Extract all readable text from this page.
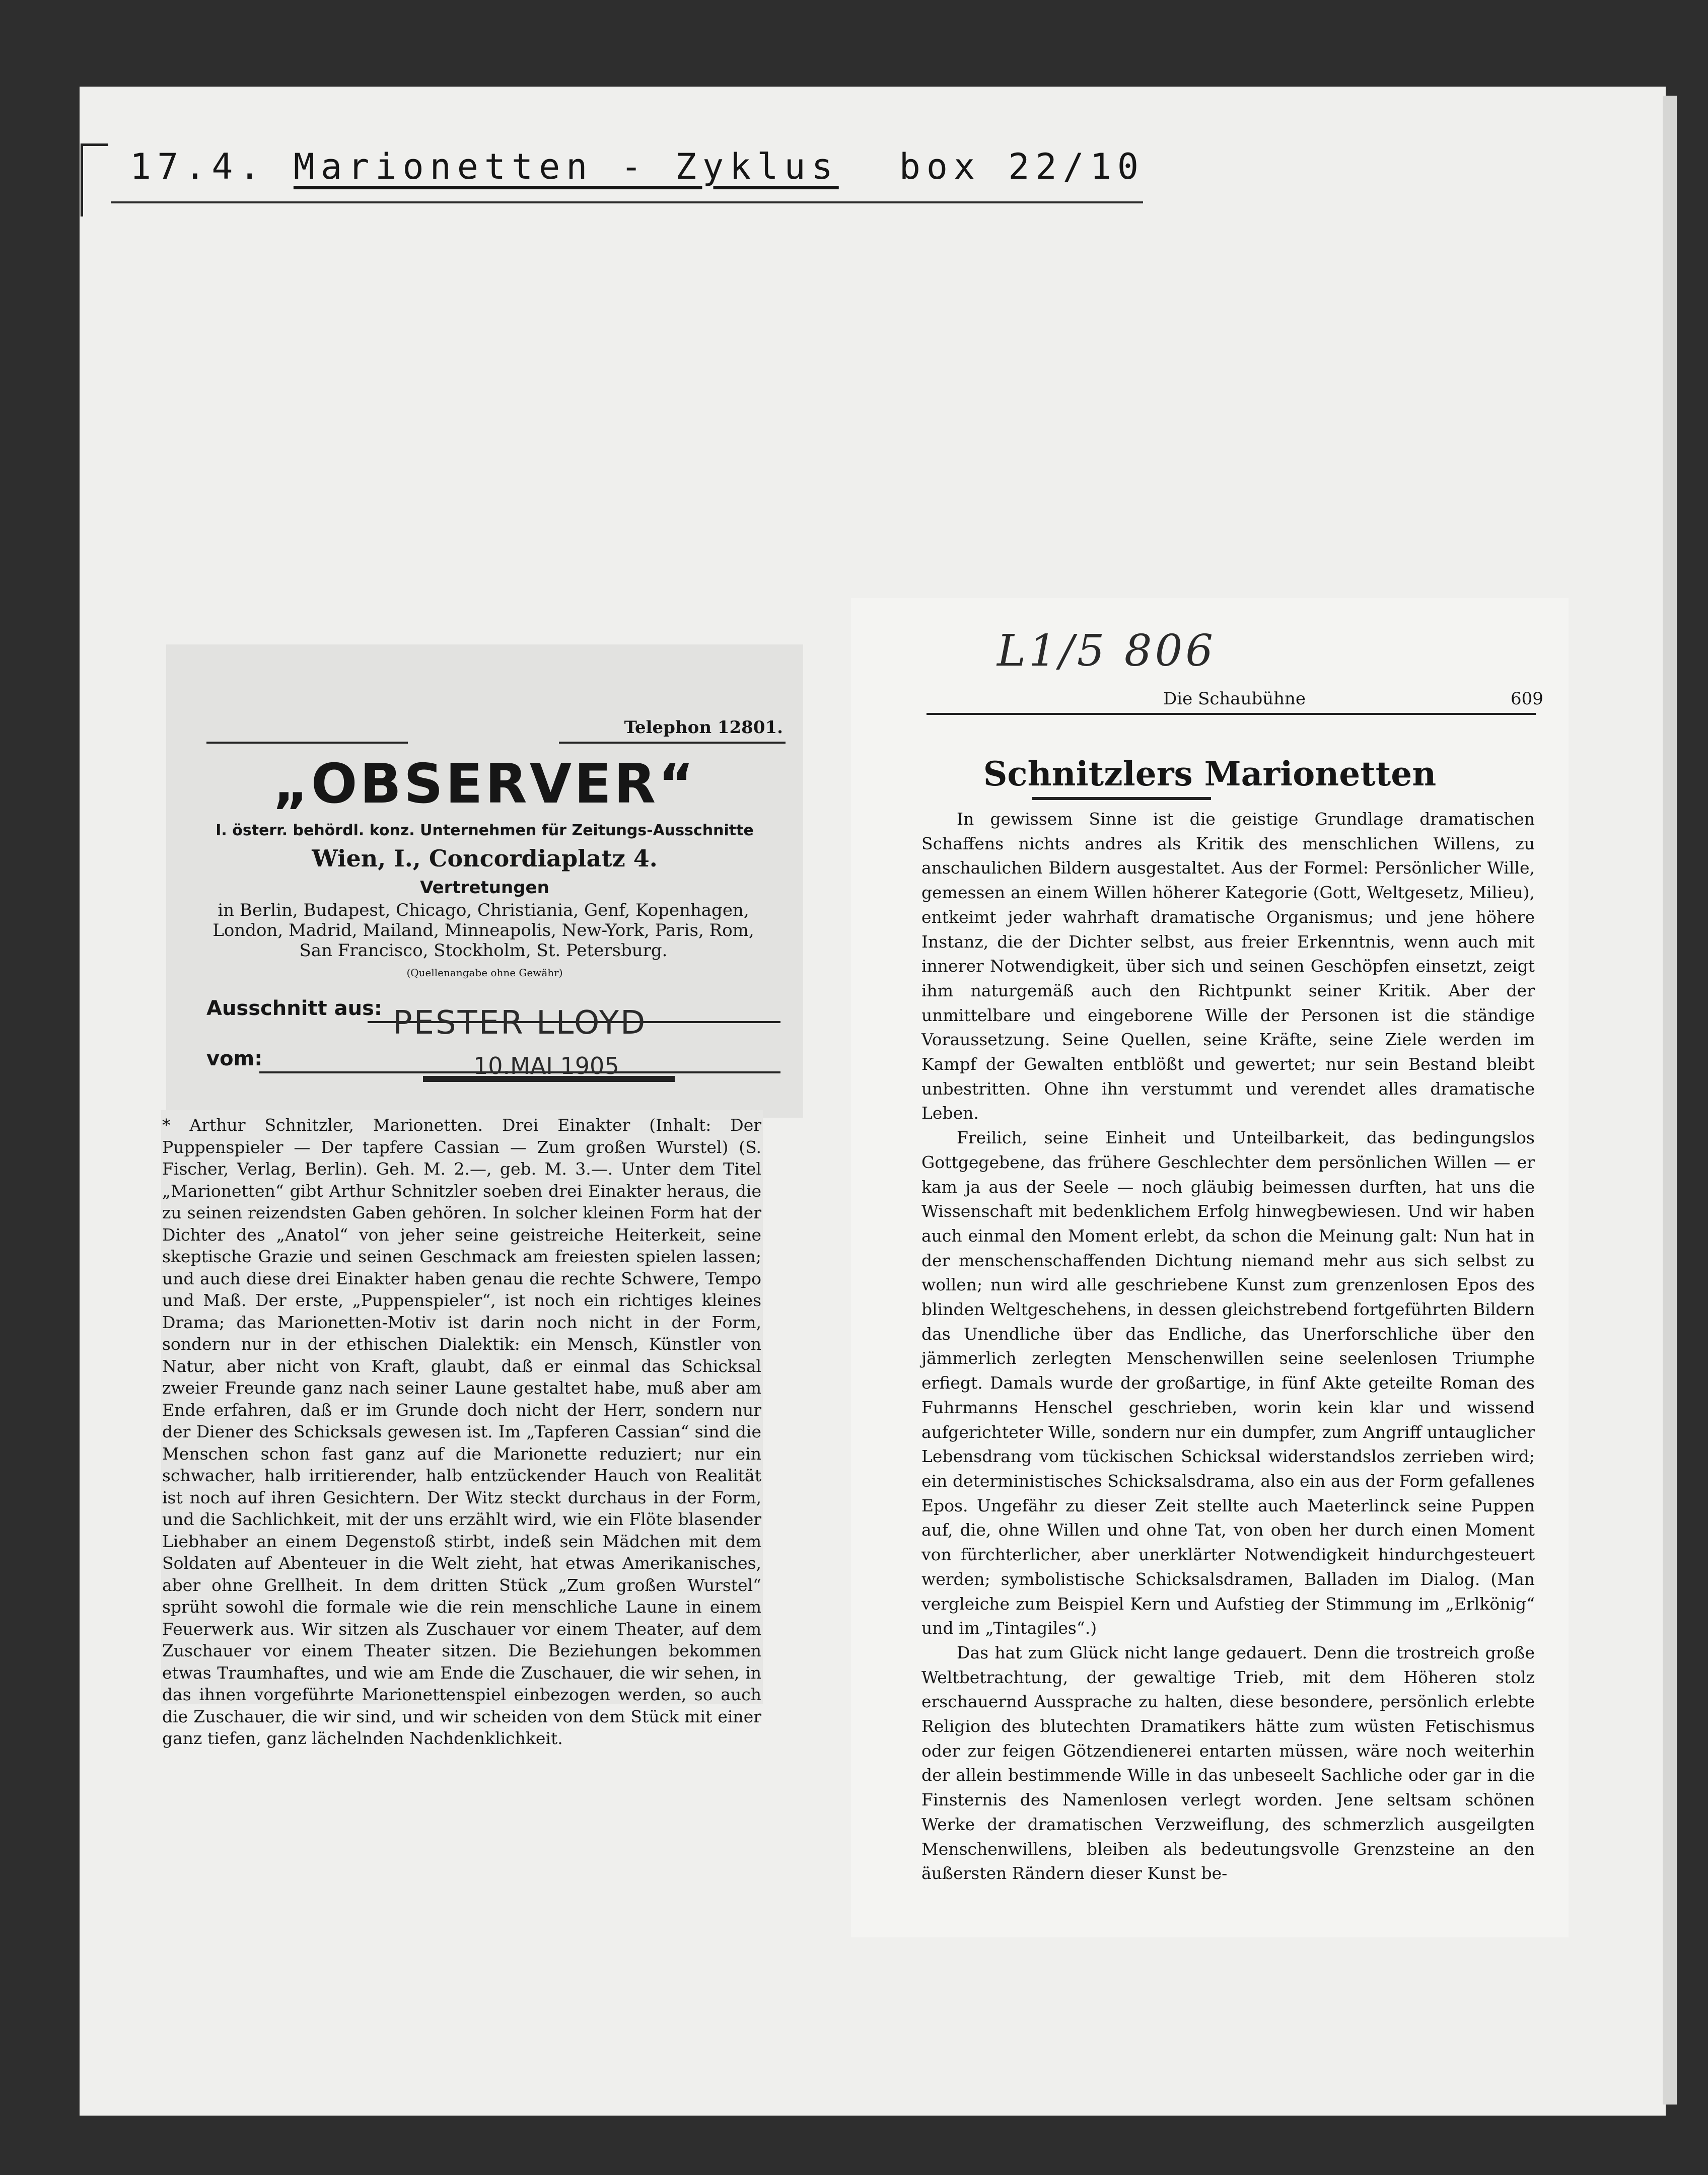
17.4. Marionetten - Zyklus box 22/10
Telephon 12801.
„OBSERVER“
I. österr. behördl. konz. Unternehmen für Zeitungs-Ausschnitte
Wien, I., Concordiaplatz 4.
Vertretungen
in Berlin, Budapest, Chicago, Christiania, Genf, Kopenhagen, London, Madrid, Mailand, Minneapolis, New-York, Paris, Rom, San Francisco, Stockholm, St. Petersburg.
(Quellenangabe ohne Gewähr)
Ausschnitt aus: PESTER LLOYD
vom:	10.MAI 1905

* Arthur Schnitzler, Marionetten. Drei Einakter (Inhalt: Der Puppenspieler — Der tapfere Cassian — Zum großen Wurstel) (S. Fischer, Verlag, Berlin). Geh. M. 2.—, geb. M. 3.—. Unter dem Titel „Marionetten“ gibt Arthur Schnitzler soeben drei Einakter heraus, die zu seinen reizendsten Gaben gehören. In solcher kleinen Form hat der Dichter des „Anatol“ von jeher seine geistreiche Heiterkeit, seine skeptische Grazie und seinen Geschmack am freiesten spielen lassen; und auch diese drei Einakter haben genau die rechte Schwere, Tempo und Maß. Der erste, „Puppenspieler“, ist noch ein richtiges kleines Drama; das Marionetten-Motiv ist darin noch nicht in der Form, sondern nur in der ethischen Dialektik: ein Mensch, Künstler von Natur, aber nicht von Kraft, glaubt, daß er einmal das Schicksal zweier Freunde ganz nach seiner Laune gestaltet habe, muß aber am Ende erfahren, daß er im Grunde doch nicht der Herr, sondern nur der Diener des Schicksals gewesen ist. Im „Tapferen Cassian“ sind die Menschen schon fast ganz auf die Marionette reduziert; nur ein schwacher, halb irritierender, halb entzückender Hauch von Realität ist noch auf ihren Gesichtern. Der Witz steckt durchaus in der Form, und die Sachlichkeit, mit der uns erzählt wird, wie ein Flöte blasender Liebhaber an einem Degenstoß stirbt, indeß sein Mädchen mit dem Soldaten auf Abenteuer in die Welt zieht, hat etwas Amerikanisches, aber ohne Grellheit. In dem dritten Stück „Zum großen Wurstel“ sprüht sowohl die formale wie die rein menschliche Laune in einem Feuerwerk aus. Wir sitzen als Zuschauer vor einem Theater, auf dem Zuschauer vor einem Theater sitzen. Die Beziehungen bekommen etwas Traumhaftes, und wie am Ende die Zuschauer, die wir sehen, in das ihnen vorgeführte Marionettenspiel einbezogen werden, so auch die Zuschauer, die wir sind, und wir scheiden von dem Stück mit einer ganz tiefen, ganz lächelnden Nachdenklichkeit.

L1/5 806
Die Schaubühne	609
Schnitzlers Marionetten

In gewissem Sinne ist die geistige Grundlage dramatischen Schaffens nichts andres als Kritik des menschlichen Willens, zu anschaulichen Bildern ausgestaltet. Aus der Formel: Persönlicher Wille, gemessen an einem Willen höherer Kategorie (Gott, Weltgesetz, Milieu), entkeimt jeder wahrhaft dramatische Organismus; und jene höhere Instanz, die der Dichter selbst, aus freier Erkenntnis, wenn auch mit innerer Notwendigkeit, über sich und seinen Geschöpfen einsetzt, zeigt ihm naturgemäß auch den Richtpunkt seiner Kritik. Aber der unmittelbare und eingeborene Wille der Personen ist die ständige Voraussetzung. Seine Quellen, seine Kräfte, seine Ziele werden im Kampf der Gewalten entblößt und gewertet; nur sein Bestand bleibt unbestritten. Ohne ihn verstummt und verendet alles dramatische Leben.

Freilich, seine Einheit und Unteilbarkeit, das bedingungslos Gottgegebene, das frühere Geschlechter dem persönlichen Willen — er kam ja aus der Seele — noch gläubig beimessen durften, hat uns die Wissenschaft mit bedenklichem Erfolg hinwegbewiesen. Und wir haben auch einmal den Moment erlebt, da schon die Meinung galt: Nun hat in der menschenschaffenden Dichtung niemand mehr aus sich selbst zu wollen; nun wird alle geschriebene Kunst zum grenzenlosen Epos des blinden Weltgeschehens, in dessen gleichstrebend fortgeführten Bildern das Unendliche über das Endliche, das Unerforschliche über den jämmerlich zerlegten Menschenwillen seine seelenlosen Triumphe erfiegt. Damals wurde der großartige, in fünf Akte geteilte Roman des Fuhrmanns Henschel geschrieben, worin kein klar und wissend aufgerichteter Wille, sondern nur ein dumpfer, zum Angriff untauglicher Lebensdrang vom tückischen Schicksal widerstandslos zerrieben wird; ein deterministisches Schicksalsdrama, also ein aus der Form gefallenes Epos. Ungefähr zu dieser Zeit stellte auch Maeterlinck seine Puppen auf, die, ohne Willen und ohne Tat, von oben her durch einen Moment von fürchterlicher, aber unerklärter Notwendigkeit hindurchgesteuert werden; symbolistische Schicksalsdramen, Balladen im Dialog. (Man vergleiche zum Beispiel Kern und Aufstieg der Stimmung im „Erlkönig“ und im „Tintagiles“.)

Das hat zum Glück nicht lange gedauert. Denn die trostreich große Weltbetrachtung, der gewaltige Trieb, mit dem Höheren stolz erschauernd Aussprache zu halten, diese besondere, persönlich erlebte Religion des blutechten Dramatikers hätte zum wüsten Fetischismus oder zur feigen Götzendienerei entarten müssen, wäre noch weiterhin der allein bestimmende Wille in das unbeseelt Sachliche oder gar in die Finsternis des Namenlosen verlegt worden. Jene seltsam schönen Werke der dramatischen Verzweiflung, des schmerzlich ausgeilgten Menschenwillens, bleiben als bedeutungsvolle Grenzsteine an den äußersten Rändern dieser Kunst be-
